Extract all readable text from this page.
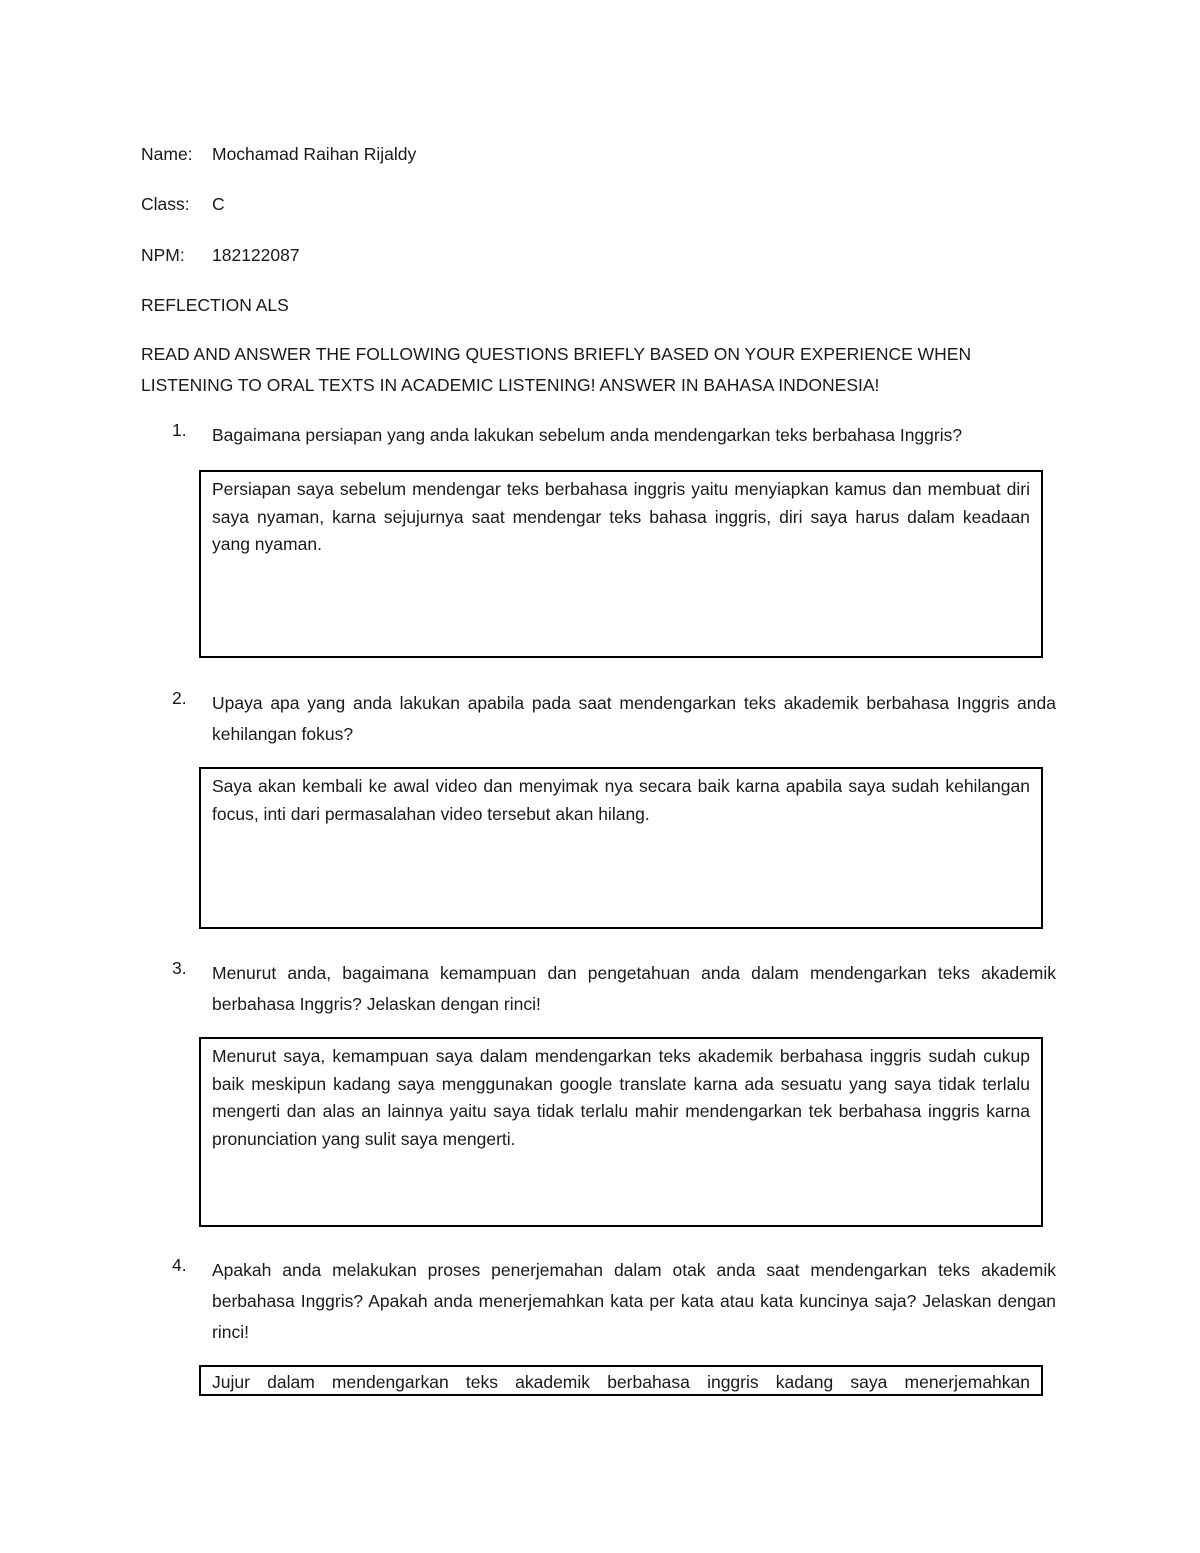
Name: Mochamad Raihan Rijaldy
Class: C
NPM: 182122087
REFLECTION ALS
READ AND ANSWER THE FOLLOWING QUESTIONS BRIEFLY BASED ON YOUR EXPERIENCE WHEN
LISTENING TO ORAL TEXTS IN ACADEMIC LISTENING! ANSWER IN BAHASA INDONESIA!
1.	Bagaimana persiapan yang anda lakukan sebelum anda mendengarkan teks berbahasa Inggris?

Persiapan saya sebelum mendengar teks berbahasa inggris yaitu menyiapkan kamus dan membuat diri saya nyaman, karna sejujurnya saat mendengar teks bahasa inggris, diri saya harus dalam keadaan yang nyaman.

2.	Upaya apa yang anda lakukan apabila pada saat mendengarkan teks akademik berbahasa Inggris anda kehilangan fokus?

Saya akan kembali ke awal video dan menyimak nya secara baik karna apabila saya sudah kehilangan focus, inti dari permasalahan video tersebut akan hilang.

3.	Menurut anda, bagaimana kemampuan dan pengetahuan anda dalam mendengarkan teks akademik berbahasa Inggris? Jelaskan dengan rinci!

Menurut saya, kemampuan saya dalam mendengarkan teks akademik berbahasa inggris sudah cukup baik meskipun kadang saya menggunakan google translate karna ada sesuatu yang saya tidak terlalu mengerti dan alas an lainnya yaitu saya tidak terlalu mahir mendengarkan tek berbahasa inggris karna pronunciation yang sulit saya mengerti.

4.	Apakah anda melakukan proses penerjemahan dalam otak anda saat mendengarkan teks akademik berbahasa Inggris? Apakah anda menerjemahkan kata per kata atau kata kuncinya saja? Jelaskan dengan rinci!

Jujur dalam mendengarkan teks akademik berbahasa inggris kadang saya menerjemahkan
